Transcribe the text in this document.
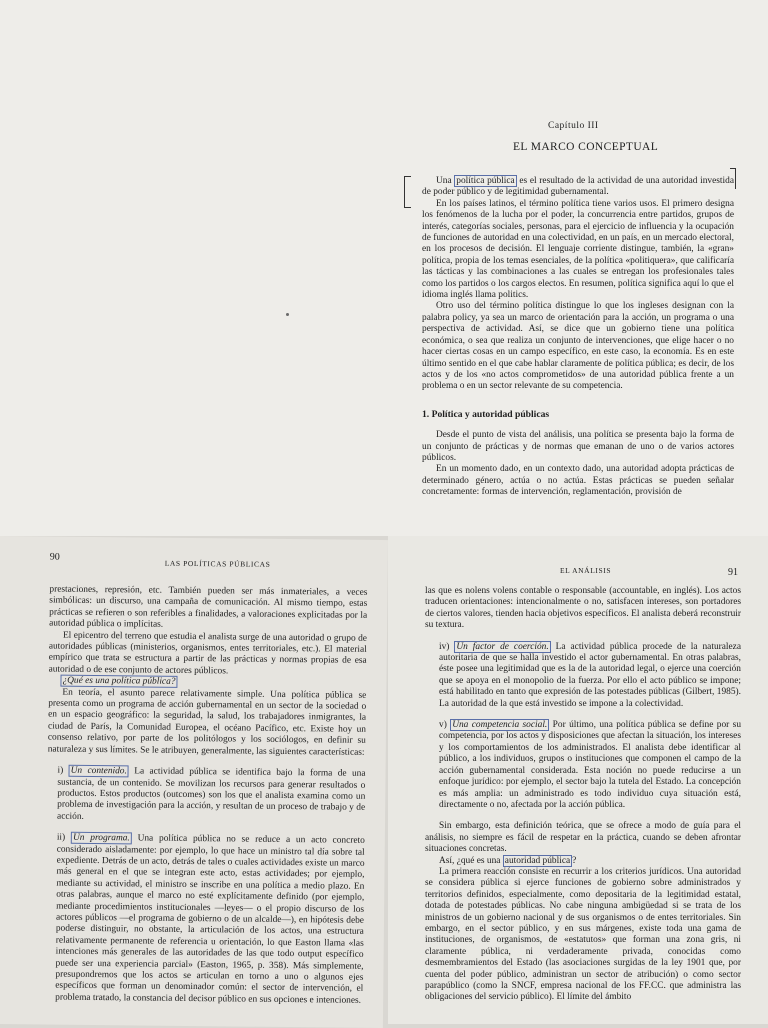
Capítulo III
EL MARCO CONCEPTUAL

Una política pública es el resultado de la actividad de una autoridad investida de poder público y de legitimidad gubernamental.

En los países latinos, el término política tiene varios usos. El primero designa los fenómenos de la lucha por el poder, la concurrencia entre partidos, grupos de interés, categorías sociales, personas, para el ejercicio de influencia y la ocupación de funciones de autoridad en una colectividad, en un país, en un mercado electoral, en los procesos de decisión. El lenguaje corriente distingue, también, la «gran» política, propia de los temas esenciales, de la política «politiquera», que calificaría las tácticas y las combinaciones a las cuales se entregan los profesionales tales como los partidos o los cargos electos. En resumen, política significa aquí lo que el idioma inglés llama politics.

Otro uso del término política distingue lo que los ingleses designan con la palabra policy, ya sea un marco de orientación para la acción, un programa o una perspectiva de actividad. Así, se dice que un gobierno tiene una política económica, o sea que realiza un conjunto de intervenciones, que elige hacer o no hacer ciertas cosas en un campo específico, en este caso, la economía. Es en este último sentido en el que cabe hablar claramente de política pública; es decir, de los actos y de los «no actos comprometidos» de una autoridad pública frente a un problema o en un sector relevante de su competencia.

1. Política y autoridad públicas

Desde el punto de vista del análisis, una política se presenta bajo la forma de un conjunto de prácticas y de normas que emanan de uno o de varios actores públicos.

En un momento dado, en un contexto dado, una autoridad adopta prácticas de determinado género, actúa o no actúa. Estas prácticas se pueden señalar concretamente: formas de intervención, reglamentación, provisión de

90
LAS POLÍTICAS PÚBLICAS

prestaciones, represión, etc. También pueden ser más inmateriales, a veces simbólicas: un discurso, una campaña de comunicación. Al mismo tiempo, estas prácticas se refieren o son referibles a finalidades, a valoraciones explicitadas por la autoridad pública o implícitas.

El epicentro del terreno que estudia el analista surge de una autoridad o grupo de autoridades públicas (ministerios, organismos, entes territoriales, etc.). El material empírico que trata se estructura a partir de las prácticas y normas propias de esa autoridad o de ese conjunto de actores públicos.

¿Qué es una política pública?

En teoría, el asunto parece relativamente simple. Una política pública se presenta como un programa de acción gubernamental en un sector de la sociedad o en un espacio geográfico: la seguridad, la salud, los trabajadores inmigrantes, la ciudad de París, la Comunidad Europea, el océano Pacífico, etc. Existe hoy un consenso relativo, por parte de los politólogos y los sociólogos, en definir su naturaleza y sus límites. Se le atribuyen, generalmente, las siguientes características:

i) Un contenido. La actividad pública se identifica bajo la forma de una sustancia, de un contenido. Se movilizan los recursos para generar resultados o productos. Estos productos (outcomes) son los que el analista examina como un problema de investigación para la acción, y resultan de un proceso de trabajo y de acción.

ii) Un programa. Una política pública no se reduce a un acto concreto considerado aisladamente: por ejemplo, lo que hace un ministro tal día sobre tal expediente. Detrás de un acto, detrás de tales o cuales actividades existe un marco más general en el que se integran este acto, estas actividades; por ejemplo, mediante su actividad, el ministro se inscribe en una política a medio plazo. En otras palabras, aunque el marco no esté explícitamente definido (por ejemplo, mediante procedimientos institucionales —leyes— o el propio discurso de los actores públicos —el programa de gobierno o de un alcalde—), en hipótesis debe poderse distinguir, no obstante, la articulación de los actos, una estructura relativamente permanente de referencia u orientación, lo que Easton llama «las intenciones más generales de las autoridades de las que todo output específico puede ser una experiencia parcial» (Easton, 1965, p. 358). Más simplemente, presupondremos que los actos se articulan en torno a uno o algunos ejes específicos que forman un denominador común: el sector de intervención, el problema tratado, la constancia del decisor público en sus opciones e intenciones.

EL ANÁLISIS	91

las que es nolens volens contable o responsable (accountable, en inglés). Los actos traducen orientaciones: intencionalmente o no, satisfacen intereses, son portadores de ciertos valores, tienden hacia objetivos específicos. El analista deberá reconstruir su textura.

iv) Un factor de coerción. La actividad pública procede de la naturaleza autoritaria de que se halla investido el actor gubernamental. En otras palabras, éste posee una legitimidad que es la de la autoridad legal, o ejerce una coerción que se apoya en el monopolio de la fuerza. Por ello el acto público se impone; está habilitado en tanto que expresión de las potestades públicas (Gilbert, 1985). La autoridad de la que está investido se impone a la colectividad.

v) Una competencia social. Por último, una política pública se define por su competencia, por los actos y disposiciones que afectan la situación, los intereses y los comportamientos de los administrados. El analista debe identificar al público, a los individuos, grupos o instituciones que componen el campo de la acción gubernamental considerada. Esta noción no puede reducirse a un enfoque jurídico: por ejemplo, el sector bajo la tutela del Estado. La concepción es más amplia: un administrado es todo individuo cuya situación está, directamente o no, afectada por la acción pública.

Sin embargo, esta definición teórica, que se ofrece a modo de guía para el análisis, no siempre es fácil de respetar en la práctica, cuando se deben afrontar situaciones concretas.

Así, ¿qué es una autoridad pública ?

La primera reacción consiste en recurrir a los criterios jurídicos. Una autoridad se considera pública si ejerce funciones de gobierno sobre administrados y territorios definidos, especialmente, como depositaria de la legitimidad estatal, dotada de potestades públicas. No cabe ninguna ambigüedad si se trata de los ministros de un gobierno nacional y de sus organismos o de entes territoriales. Sin embargo, en el sector público, y en sus márgenes, existe toda una gama de instituciones, de organismos, de «estatutos» que forman una zona gris, ni claramente pública, ni verdaderamente privada, conocidas como desmembramientos del Estado (las asociaciones surgidas de la ley 1901 que, por cuenta del poder público, administran un sector de atribución) o como sector parapúblico (como la SNCF, empresa nacional de los FF.CC. que administra las obligaciones del servicio público). El límite del ámbito
